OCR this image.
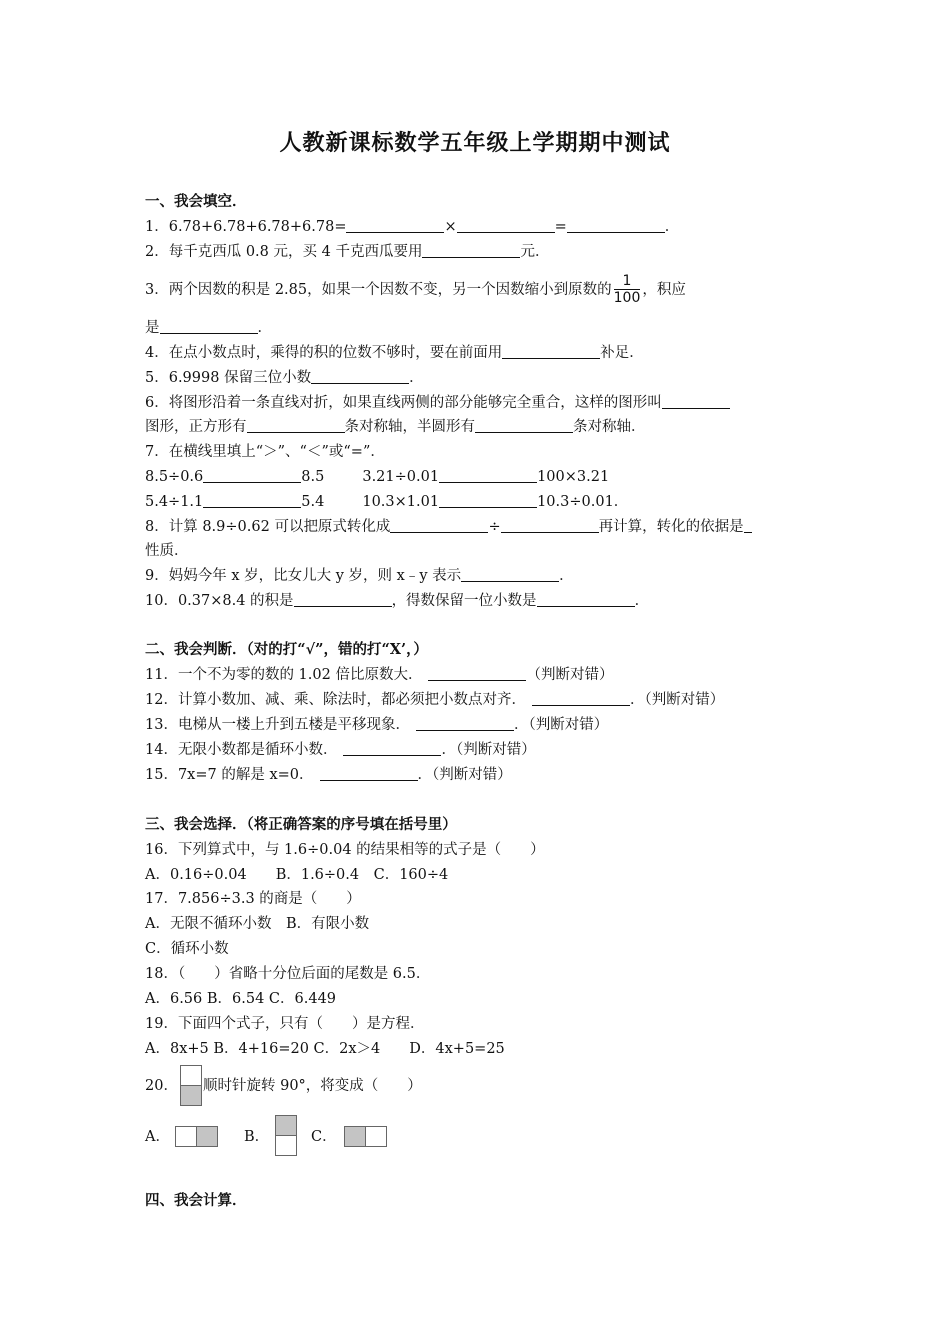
人教新课标数学五年级上学期期中测试
一、我会填空．
1．6.78+6.78+6.78+6.78=	×	=	．
2．每千克西瓜 0.8 元，买 4 千克西瓜要用	元．
3．两个因数的积是 2.85，如果一个因数不变，另一个因数缩小到原数的 $\frac{1}{100}$ ，积应
是	．
4．在点小数点时，乘得的积的位数不够时，要在前面用	补足．
5．6.9998 保留三位小数	．
6．将图形沿着一条直线对折，如果直线两侧的部分能够完全重合，这样的图形叫
图形，正方形有	条对称轴，半圆形有	条对称轴．
7．在横线里填上“＞”、“＜”或“=”．
8.5÷0.6	8.5	3.21÷0.01	100×3.21
5.4÷1.1	5.4	10.3×1.01	10.3÷0.01．
8．计算 8.9÷0.62 可以把原式转化成	÷	再计算，转化的依据是
性质．
9．妈妈今年 x 岁，比女儿大 y 岁，则 x﹣y 表示	．
10．0.37×8.4 的积是	，得数保留一位小数是	．
二、我会判断．（对的打“√”，错的打“X’，）
11．一个不为零的数的 1.02 倍比原数大．	（判断对错）
12．计算小数加、减、乘、除法时，都必须把小数点对齐．	．（判断对错）
13．电梯从一楼上升到五楼是平移现象．	．（判断对错）
14．无限小数都是循环小数．	．（判断对错）
15．7x=7 的解是 x=0．	．（判断对错）
三、我会选择．（将正确答案的序号填在括号里）
16．下列算式中，与 1.6÷0.04 的结果相等的式子是（　　）
A．0.16÷0.04　　B．1.6÷0.4　C．160÷4
17．7.856÷3.3 的商是（　　）
A．无限不循环小数　B．有限小数
C．循环小数
18．（　　）省略十分位后面的尾数是 6.5．
A．6.56 B．6.54 C．6.449
19．下面四个式子，只有（　　）是方程．
A．8x+5 B．4+16=20 C．2x＞4　　D．4x+5=25
20． 顺时针旋转 90°，将变成（　　）
A．	B．	C．
四、我会计算．
